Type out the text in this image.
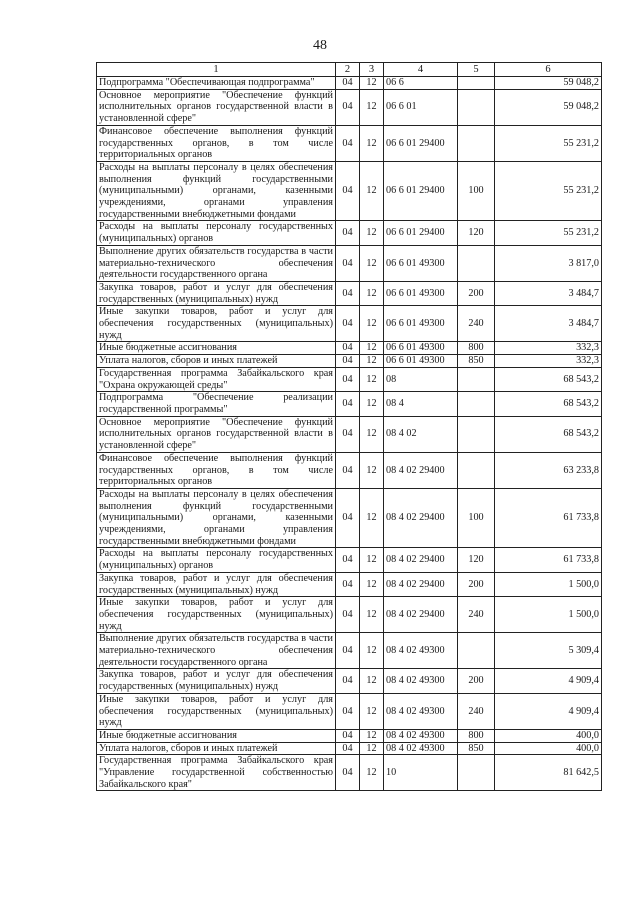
48
1	2	3	4	5	6
Подпрограмма "Обеспечивающая подпрограмма"	04	12	06 6		59 048,2
Основное мероприятие "Обеспечение функций исполнительных органов государственной власти в установленной сфере"	04	12	06 6 01		59 048,2
Финансовое обеспечение выполнения функций государственных органов, в том числе территориальных органов	04	12	06 6 01 29400		55 231,2
Расходы на выплаты персоналу в целях обеспечения выполнения функций государственными (муниципальными) органами, казенными учреждениями, органами управления государственными внебюджетными фондами	04	12	06 6 01 29400	100	55 231,2
Расходы на выплаты персоналу государственных (муниципальных) органов	04	12	06 6 01 29400	120	55 231,2
Выполнение других обязательств государства в части материально-технического обеспечения деятельности государственного органа	04	12	06 6 01 49300		3 817,0
Закупка товаров, работ и услуг для обеспечения государственных (муниципальных) нужд	04	12	06 6 01 49300	200	3 484,7
Иные закупки товаров, работ и услуг для обеспечения государственных (муниципальных) нужд	04	12	06 6 01 49300	240	3 484,7
Иные бюджетные ассигнования	04	12	06 6 01 49300	800	332,3
Уплата налогов, сборов и иных платежей	04	12	06 6 01 49300	850	332,3
Государственная программа Забайкальского края "Охрана окружающей среды"	04	12	08		68 543,2
Подпрограмма "Обеспечение реализации государственной программы"	04	12	08 4		68 543,2
Основное мероприятие "Обеспечение функций исполнительных органов государственной власти в установленной сфере"	04	12	08 4 02		68 543,2
Финансовое обеспечение выполнения функций государственных органов, в том числе территориальных органов	04	12	08 4 02 29400		63 233,8
Расходы на выплаты персоналу в целях обеспечения выполнения функций государственными (муниципальными) органами, казенными учреждениями, органами управления государственными внебюджетными фондами	04	12	08 4 02 29400	100	61 733,8
Расходы на выплаты персоналу государственных (муниципальных) органов	04	12	08 4 02 29400	120	61 733,8
Закупка товаров, работ и услуг для обеспечения государственных (муниципальных) нужд	04	12	08 4 02 29400	200	1 500,0
Иные закупки товаров, работ и услуг для обеспечения государственных (муниципальных) нужд	04	12	08 4 02 29400	240	1 500,0
Выполнение других обязательств государства в части материально-технического обеспечения деятельности государственного органа	04	12	08 4 02 49300		5 309,4
Закупка товаров, работ и услуг для обеспечения государственных (муниципальных) нужд	04	12	08 4 02 49300	200	4 909,4
Иные закупки товаров, работ и услуг для обеспечения государственных (муниципальных) нужд	04	12	08 4 02 49300	240	4 909,4
Иные бюджетные ассигнования	04	12	08 4 02 49300	800	400,0
Уплата налогов, сборов и иных платежей	04	12	08 4 02 49300	850	400,0
Государственная программа Забайкальского края "Управление государственной собственностью Забайкальского края"	04	12	10		81 642,5
